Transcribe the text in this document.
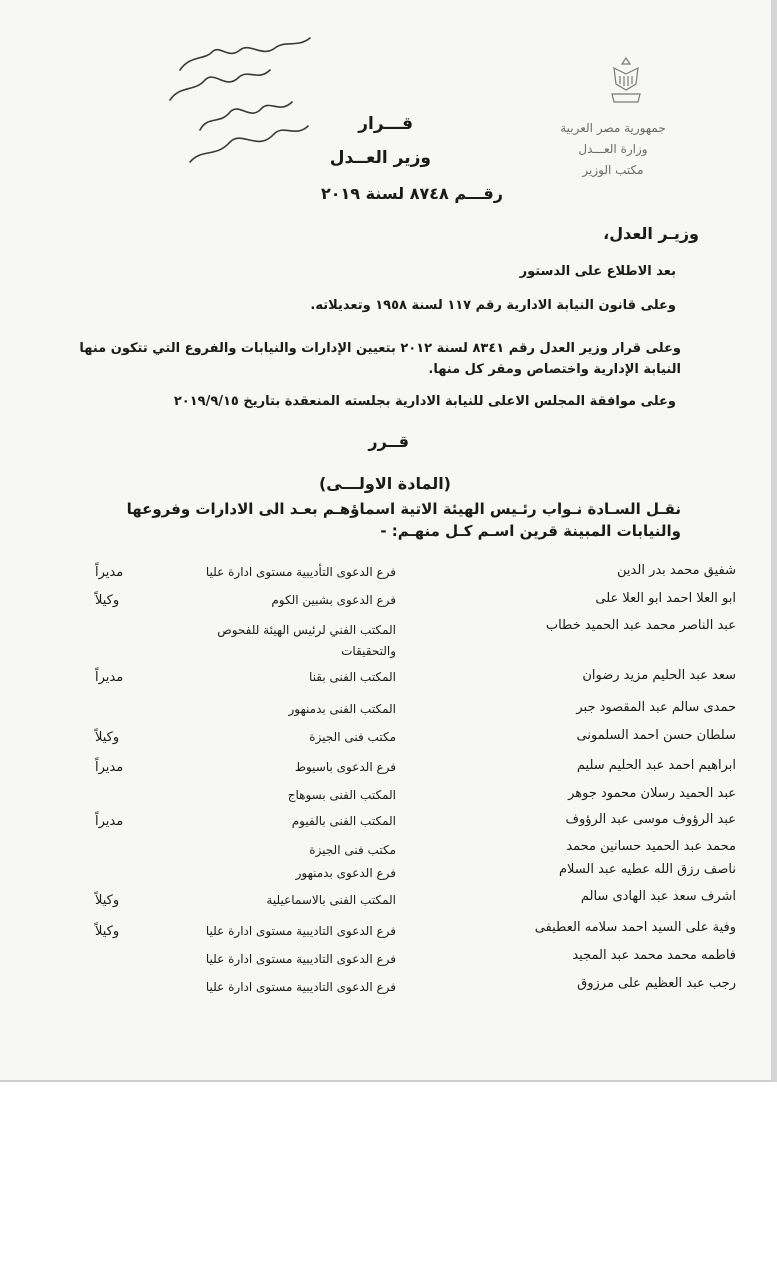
جمهورية مصر العربية
وزارة العـــدل
مكتب الوزير
قـــرار
وزير العــدل
رقـــم ٨٧٤٨ لسنة ٢٠١٩
وزيـر العدل،
بعد الاطلاع على الدستور
وعلى قانون النيابة الادارية رقم ١١٧ لسنة ١٩٥٨ وتعديلاته.
وعلى قرار وزير العدل رقم ٨٣٤١ لسنة ٢٠١٢ بتعيين الإدارات والنيابات والفروع التي تتكون منها النيابة الإدارية واختصاص ومقر كل منها.
وعلى موافقة المجلس الاعلى للنيابة الادارية بجلسته المنعقدة بتاريخ ٢٠١٩/٩/١٥
قــرر
(المادة الاولـــى)
نقـل السـادة نـواب رئـيس الهيئة الاتية اسماؤهـم بعـد الى الادارات وفروعها والنيابات المبينة قرين اسـم كـل منهـم: -
شفيق محمد بدر الدين
فرع الدعوى التأديبية مستوى ادارة عليا
مديراً
ابو العلا احمد ابو العلا على
فرع الدعوى بشبين الكوم
وكيلاً
عبد الناصر محمد عبد الحميد خطاب
المكتب الفني لرئيس الهيئة للفحوص والتحقيقات
سعد عبد الحليم مزيد رضوان
المكتب الفنى بقنا
مديراً
حمدى سالم عبد المقصود جبر
المكتب الفنى بدمنهور
سلطان حسن احمد السلمونى
مكتب فنى الجيزة
وكيلاً
ابراهيم احمد عبد الحليم سليم
فرع الدعوى باسيوط
مديراً
عبد الحميد رسلان محمود جوهر
المكتب الفنى بسوهاج
عبد الرؤوف موسى عبد الرؤوف
المكتب الفنى بالفيوم
مديراً
محمد عبد الحميد حسانين محمد
مكتب فنى الجيزة
ناصف رزق الله عطيه عبد السلام
فرع الدعوى بدمنهور
اشرف سعد عبد الهادى سالم
المكتب الفنى بالاسماعيلية
وكيلاً
وفية على السيد احمد سلامه العطيفى
فرع الدعوى التاديبية مستوى ادارة عليا
وكيلاً
فاطمه محمد محمد عبد المجيد
فرع الدعوى التاديبية مستوى ادارة عليا
رجب عبد العظيم على مرزوق
فرع الدعوى التاديبية مستوى ادارة عليا
